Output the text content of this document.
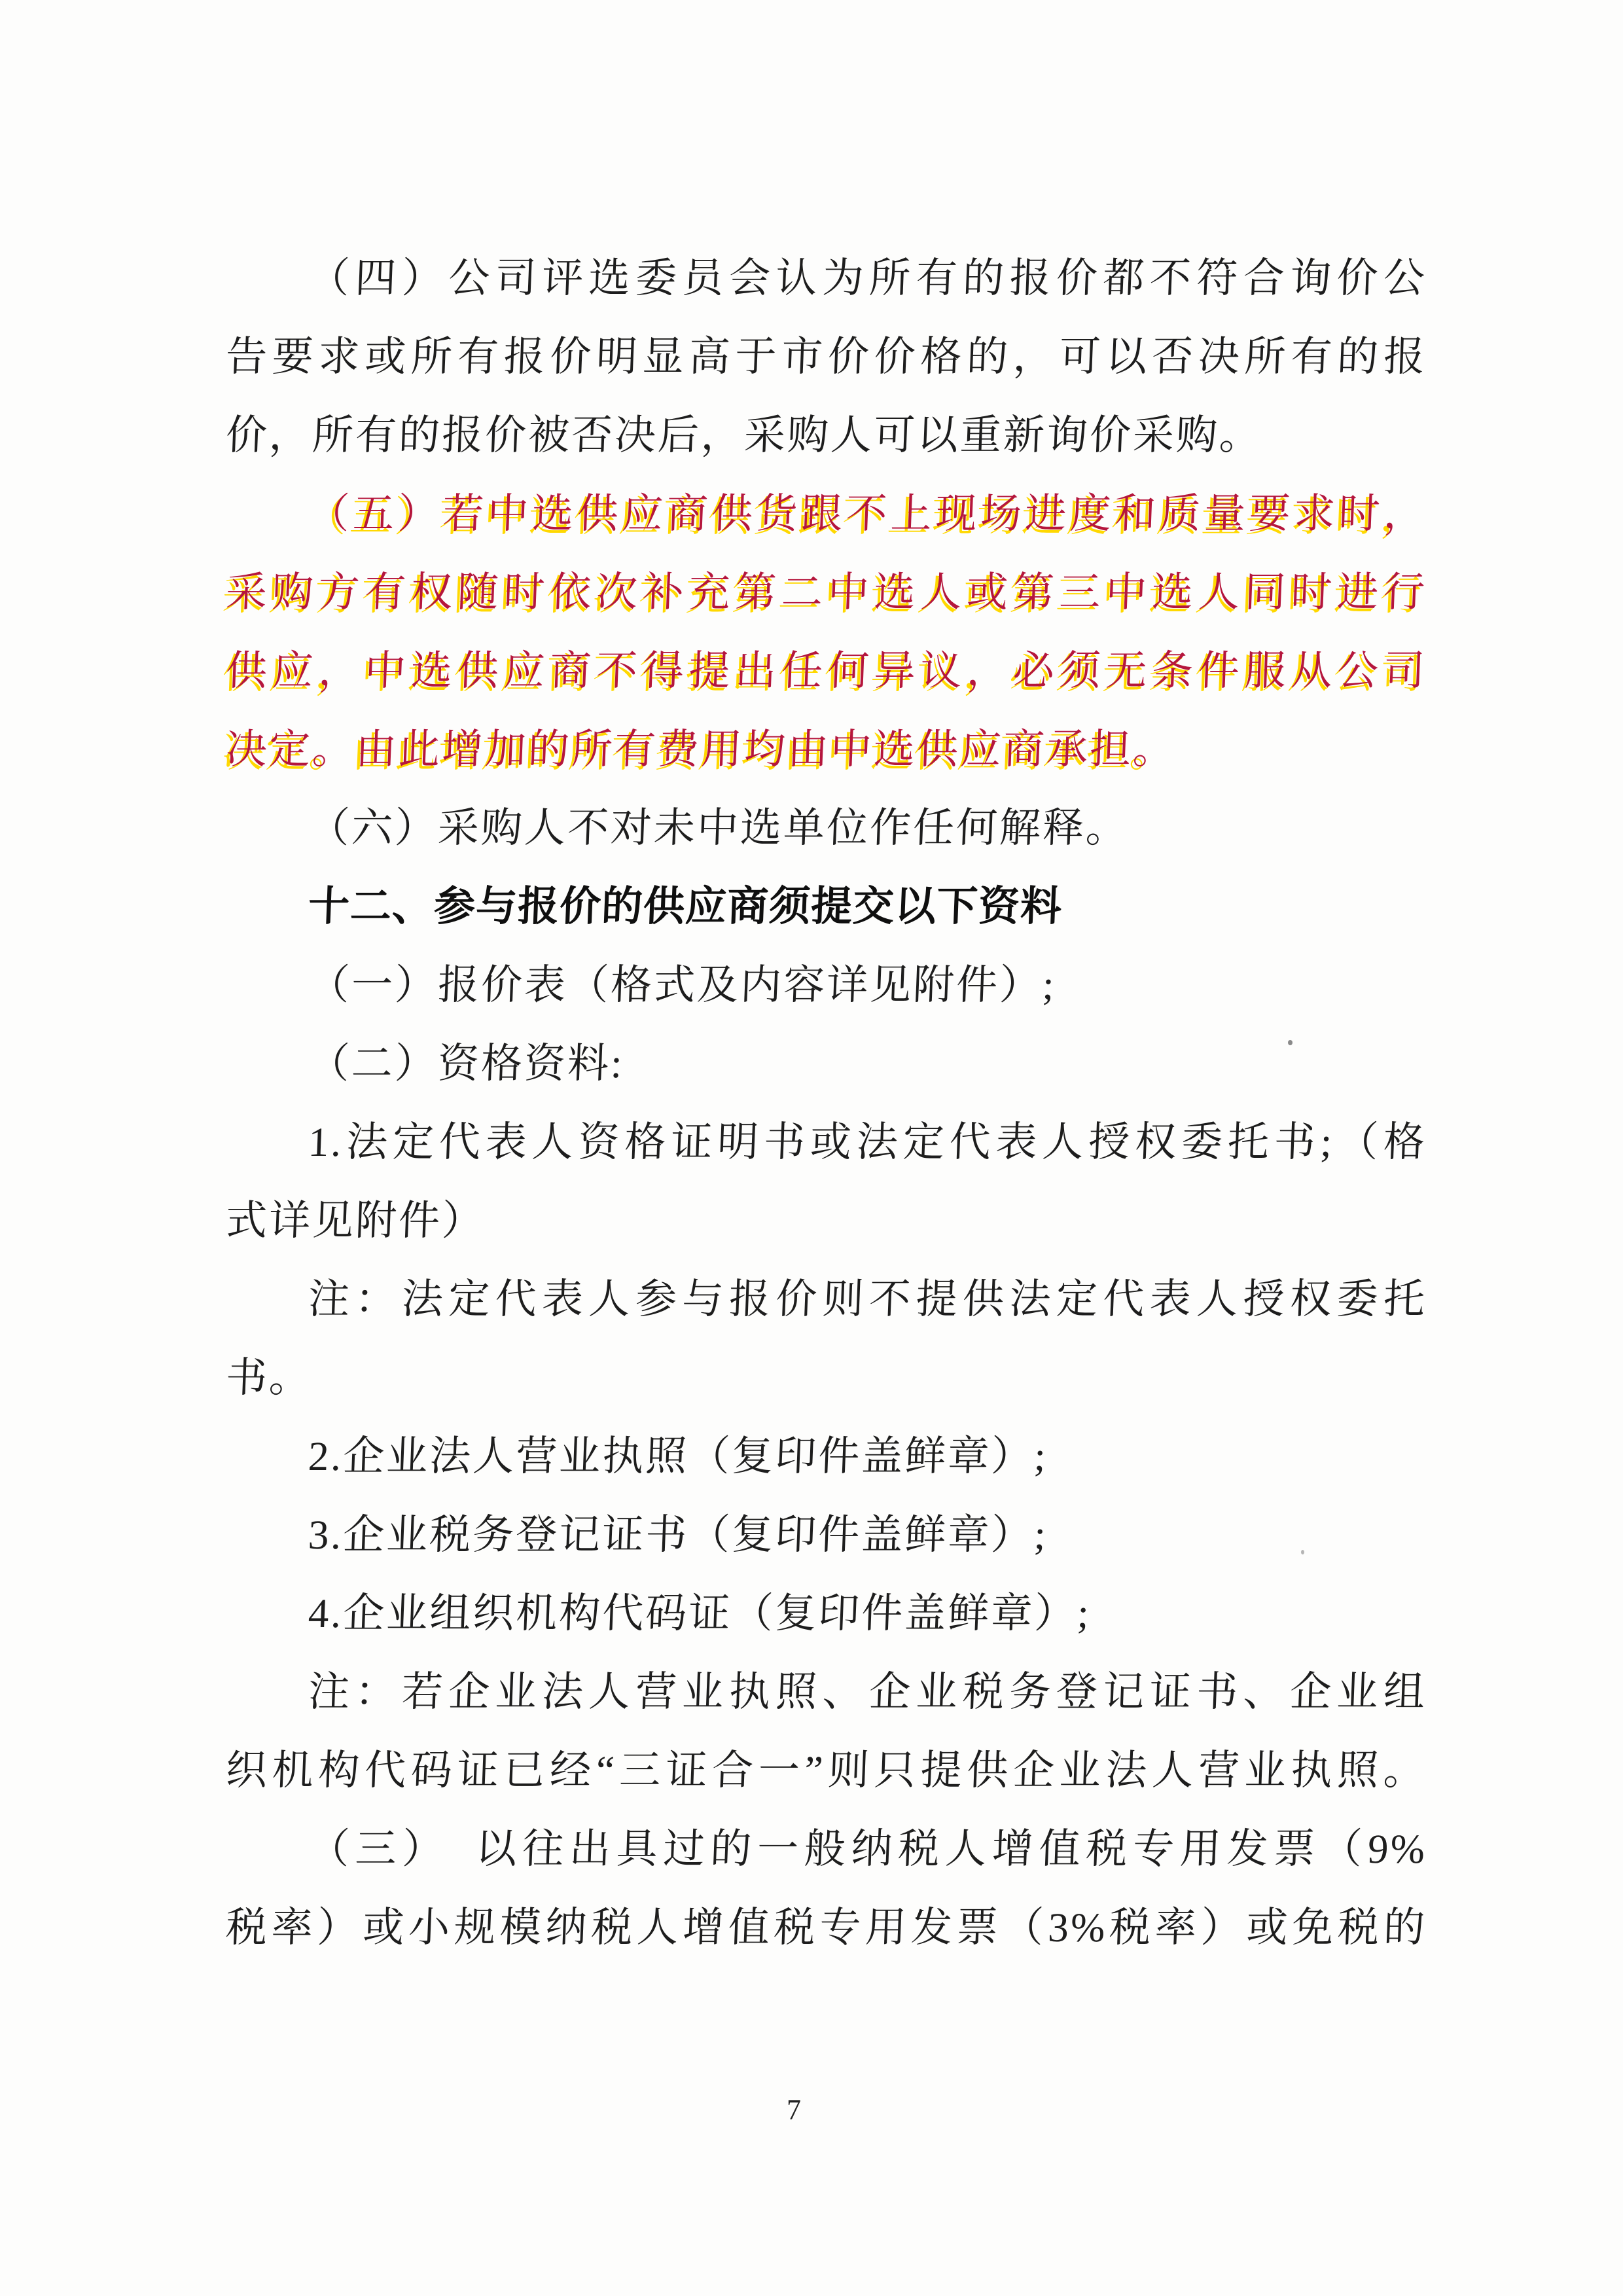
（四）公司评选委员会认为所有的报价都不符合询价公
告要求或所有报价明显高于市价价格的，可以否决所有的报
价，所有的报价被否决后，采购人可以重新询价采购。
（五）若中选供应商供货跟不上现场进度和质量要求时，
采购方有权随时依次补充第二中选人或第三中选人同时进行
供应，中选供应商不得提出任何异议，必须无条件服从公司
决定。由此增加的所有费用均由中选供应商承担。
（六）采购人不对未中选单位作任何解释。
十二、参与报价的供应商须提交以下资料
（一）报价表（格式及内容详见附件）;
（二）资格资料:
1.法定代表人资格证明书或法定代表人授权委托书;（格
式详见附件）
注：法定代表人参与报价则不提供法定代表人授权委托
书。
2.企业法人营业执照（复印件盖鲜章）;
3.企业税务登记证书（复印件盖鲜章）;
4.企业组织机构代码证（复印件盖鲜章）;
注：若企业法人营业执照、企业税务登记证书、企业组
织机构代码证已经“三证合一”则只提供企业法人营业执照。
（三）　以往出具过的一般纳税人增值税专用发票（9%
税率）或小规模纳税人增值税专用发票（3%税率）或免税的
7
